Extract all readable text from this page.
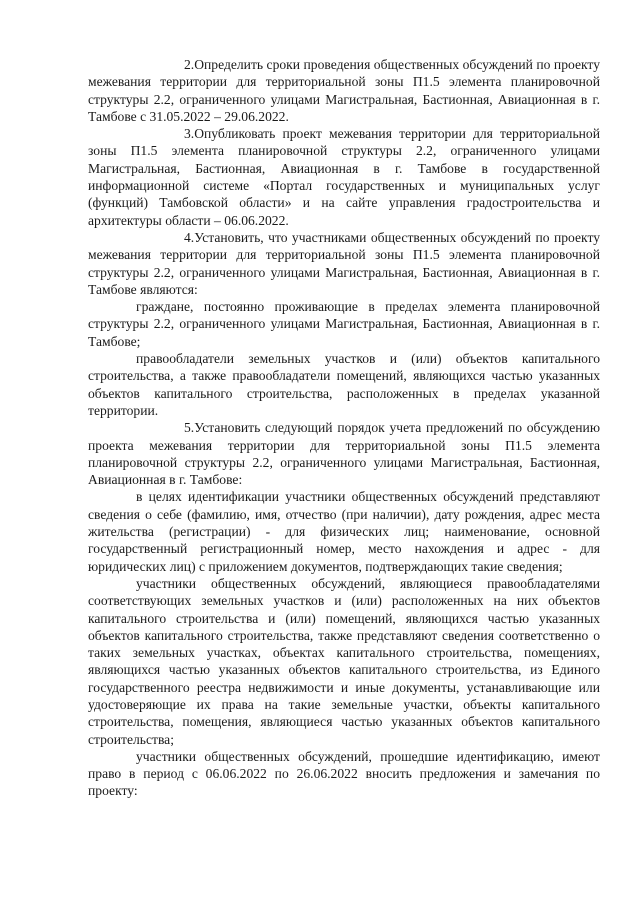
2.Определить сроки проведения общественных обсуждений по проекту межевания территории для территориальной зоны П1.5 элемента планировочной структуры 2.2, ограниченного улицами Магистральная, Бастионная, Авиационная в г. Тамбове с 31.05.2022 – 29.06.2022.

3.Опубликовать проект межевания территории для территориальной зоны П1.5 элемента планировочной структуры 2.2, ограниченного улицами Магистральная, Бастионная, Авиационная в г. Тамбове в государственной информационной системе «Портал государственных и муниципальных услуг (функций) Тамбовской области» и на сайте управления градостроительства и архитектуры области – 06.06.2022.

4.Установить, что участниками общественных обсуждений по проекту межевания территории для территориальной зоны П1.5 элемента планировочной структуры 2.2, ограниченного улицами Магистральная, Бастионная, Авиационная в г. Тамбове являются:

граждане, постоянно проживающие в пределах элемента планировочной структуры 2.2, ограниченного улицами Магистральная, Бастионная, Авиационная в г. Тамбове;

правообладатели земельных участков и (или) объектов капитального строительства, а также правообладатели помещений, являющихся частью указанных объектов капитального строительства, расположенных в пределах указанной территории.

5.Установить следующий порядок учета предложений по обсуждению проекта межевания территории для территориальной зоны П1.5 элемента планировочной структуры 2.2, ограниченного улицами Магистральная, Бастионная, Авиационная в г. Тамбове:

в целях идентификации участники общественных обсуждений представляют сведения о себе (фамилию, имя, отчество (при наличии), дату рождения, адрес места жительства (регистрации) - для физических лиц; наименование, основной государственный регистрационный номер, место нахождения и адрес - для юридических лиц) с приложением документов, подтверждающих такие сведения;

участники общественных обсуждений, являющиеся правообладателями соответствующих земельных участков и (или) расположенных на них объектов капитального строительства и (или) помещений, являющихся частью указанных объектов капитального строительства, также представляют сведения соответственно о таких земельных участках, объектах капитального строительства, помещениях, являющихся частью указанных объектов капитального строительства, из Единого государственного реестра недвижимости и иные документы, устанавливающие или удостоверяющие их права на такие земельные участки, объекты капитального строительства, помещения, являющиеся частью указанных объектов капитального строительства;

участники общественных обсуждений, прошедшие идентификацию, имеют право в период с 06.06.2022 по 26.06.2022 вносить предложения и замечания по проекту:
